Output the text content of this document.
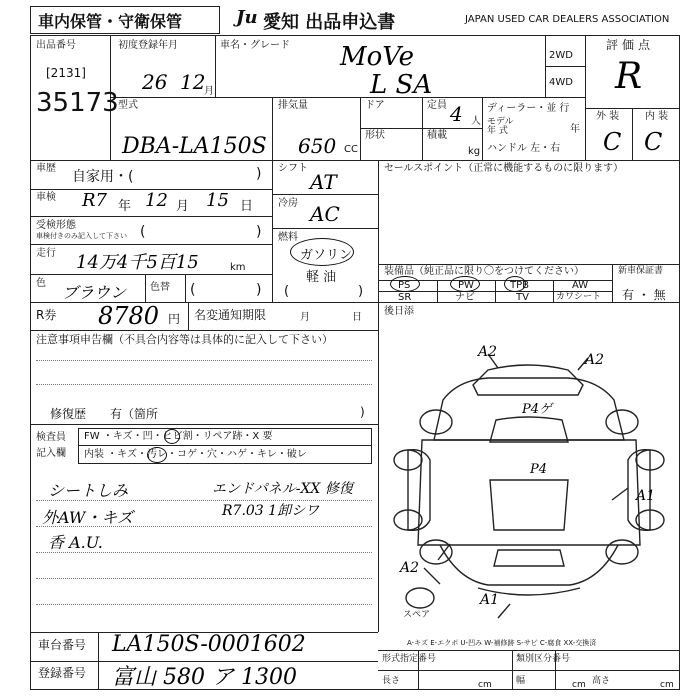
車内保管・守衛保管	Ju 愛知 出品申込書	JAPAN USED CAR DEALERS ASSOCIATION
出品番号
[2131]
35173
初度登録年月
26 12
月
車名・グレード MoVe
L SA
2WD
4WD
評価点
R
外 装	内 装
C C
型式
DBA-LA150S
排気量
650 CC
ドア
形状
定員 4 人
積載
kg
ディーラー・並 行
モデル
年 式	年
ハンドル 左・右
車歴
自家用・(	)
車検 R7 年 12 月 15 日
受検形態
車検付きのみ記入して下さい (	)
走行 14万4千5百15	km
色 ブラウン 色替 (	)
シフト
AT
冷房 AC
燃料
ガソリン
軽 油
(	)
セールスポイント（正常に機能するものに限ります）
装備品（純正品に限り〇をつけてください）
PS	PW	TPB	AW
SR	ナビ	TV	カワシート
新車保証書
有 ・ 無
R券 8780 円 名変通知期限	月	日
後日添
注意事項申告欄（不具合内容等は具体的に記入して下さい）
修復歴　　有（箇所	)
検査員
記入欄
FW ・キズ・凹・ヒビ割・リペア跡・X 要
内装 ・キズ・汚レ・コゲ・穴・ハゲ・キレ・破レ
シートしみ
外AW・キズ
香 A.U.
エンドパネル-XX 修復
R7.03 1卸シワ
A2	A2
P4ゲ
P4
A1
A2
A1
スペア
A-キズ E-エクボ U-凹み W-補修跡 S-サビ C-腐食 XX-交換済
車台番号 LA150S-0001602
登録番号 富山 580 ア 1300
形式指定番号	類別区分番号
長さ	cm	幅	cm 高さ	cm
